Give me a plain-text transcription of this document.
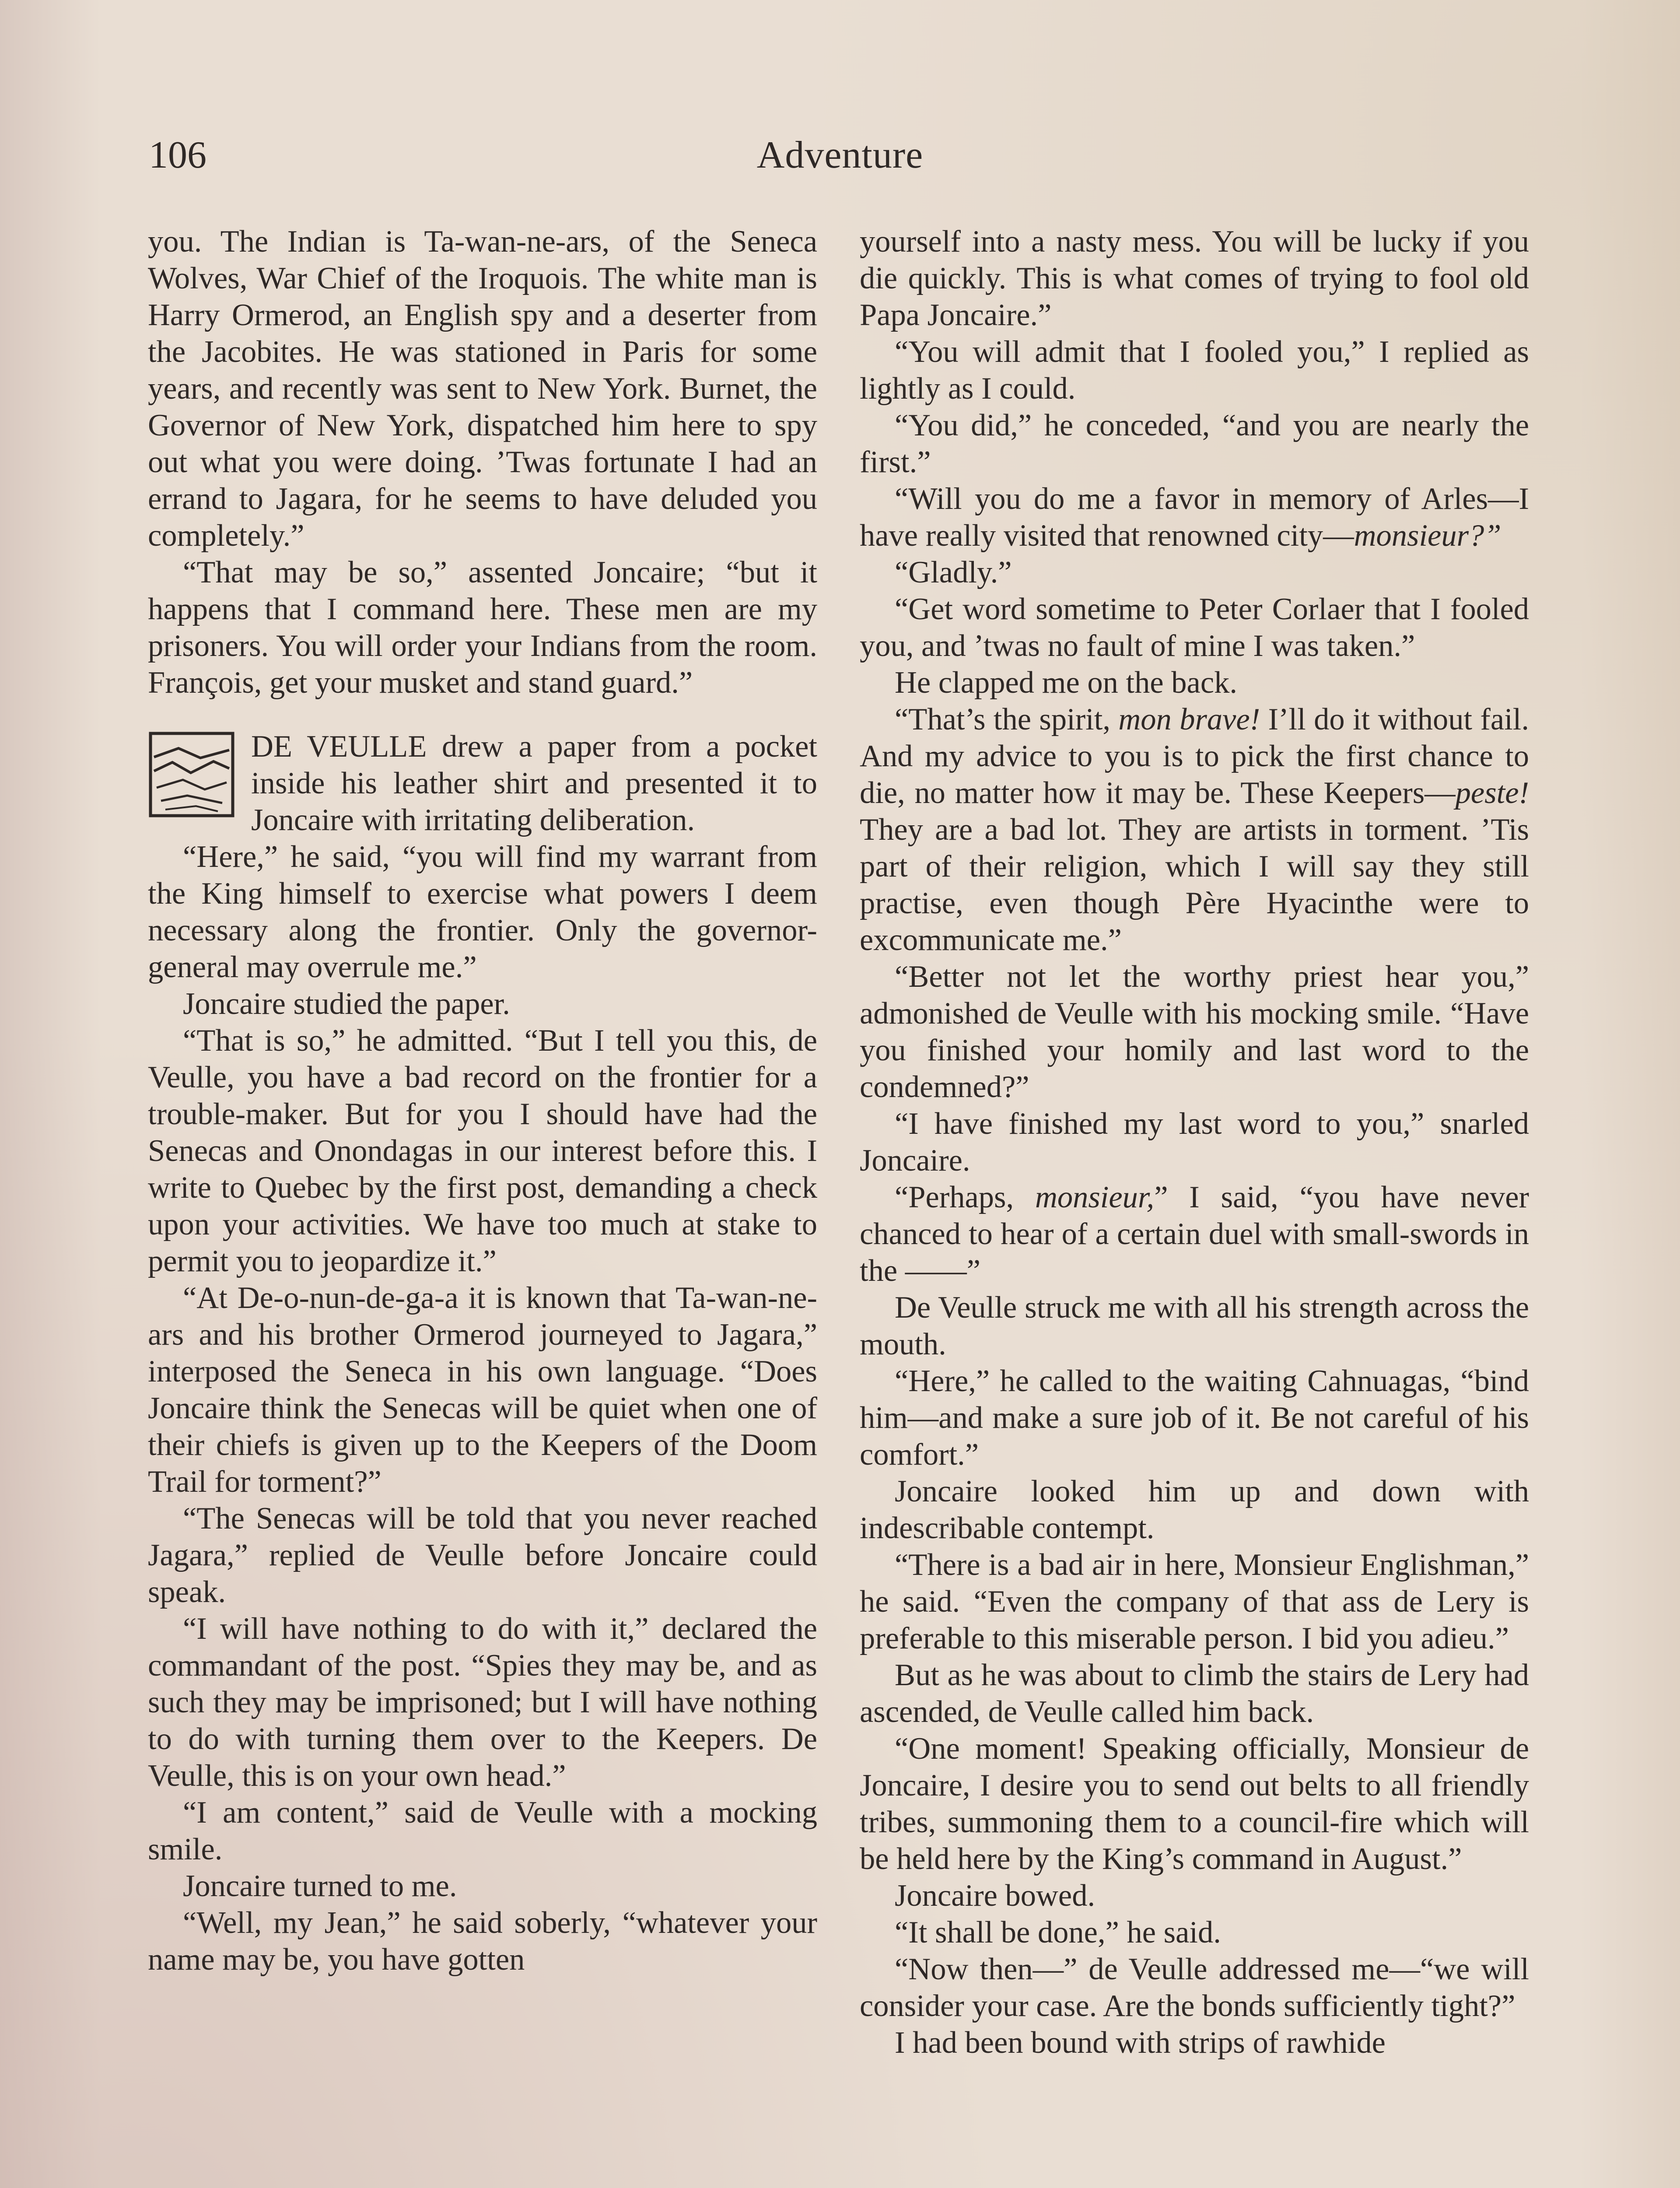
106	Adventure

you. The Indian is Ta-wan-ne-ars, of the Seneca Wolves, War Chief of the Iroquois. The white man is Harry Ormerod, an English spy and a deserter from the Jacobites. He was stationed in Paris for some years, and recently was sent to New York. Burnet, the Governor of New York, dispatched him here to spy out what you were doing. ’Twas fortunate I had an errand to Jagara, for he seems to have deluded you completely.”

“That may be so,” assented Joncaire; “but it happens that I command here. These men are my prisoners. You will order your Indians from the room. François, get your musket and stand guard.”

DE VEULLE drew a paper from a pocket inside his leather shirt and presented it to Joncaire with irritating deliberation.

“Here,” he said, “you will find my warrant from the King himself to exercise what powers I deem necessary along the frontier. Only the governor-general may overrule me.”

Joncaire studied the paper.

“That is so,” he admitted. “But I tell you this, de Veulle, you have a bad record on the frontier for a trouble-maker. But for you I should have had the Senecas and Onondagas in our interest before this. I write to Quebec by the first post, demanding a check upon your activities. We have too much at stake to permit you to jeopardize it.”

“At De-o-nun-de-ga-a it is known that Ta-wan-ne-ars and his brother Ormerod journeyed to Jagara,” interposed the Seneca in his own language. “Does Joncaire think the Senecas will be quiet when one of their chiefs is given up to the Keepers of the Doom Trail for torment?”

“The Senecas will be told that you never reached Jagara,” replied de Veulle before Joncaire could speak.

“I will have nothing to do with it,” declared the commandant of the post. “Spies they may be, and as such they may be imprisoned; but I will have nothing to do with turning them over to the Keepers. De Veulle, this is on your own head.”

“I am content,” said de Veulle with a mocking smile.

Joncaire turned to me.

“Well, my Jean,” he said soberly, “whatever your name may be, you have gotten

yourself into a nasty mess. You will be lucky if you die quickly. This is what comes of trying to fool old Papa Joncaire.”

“You will admit that I fooled you,” I replied as lightly as I could.

“You did,” he conceded, “and you are nearly the first.”

“Will you do me a favor in memory of Arles—I have really visited that renowned city—monsieur?”

“Gladly.”

“Get word sometime to Peter Corlaer that I fooled you, and ’twas no fault of mine I was taken.”

He clapped me on the back.

“That’s the spirit, mon brave! I’ll do it without fail. And my advice to you is to pick the first chance to die, no matter how it may be. These Keepers—peste! They are a bad lot. They are artists in torment. ’Tis part of their religion, which I will say they still practise, even though Père Hyacinthe were to excommunicate me.”

“Better not let the worthy priest hear you,” admonished de Veulle with his mocking smile. “Have you finished your homily and last word to the condemned?”

“I have finished my last word to you,” snarled Joncaire.

“Perhaps, monsieur,” I said, “you have never chanced to hear of a certain duel with small-swords in the ——”

De Veulle struck me with all his strength across the mouth.

“Here,” he called to the waiting Cahnuagas, “bind him—and make a sure job of it. Be not careful of his comfort.”

Joncaire looked him up and down with indescribable contempt.

“There is a bad air in here, Monsieur Englishman,” he said. “Even the company of that ass de Lery is preferable to this miserable person. I bid you adieu.”

But as he was about to climb the stairs de Lery had ascended, de Veulle called him back.

“One moment! Speaking officially, Monsieur de Joncaire, I desire you to send out belts to all friendly tribes, summoning them to a council-fire which will be held here by the King’s command in August.”

Joncaire bowed.

“It shall be done,” he said.

“Now then—” de Veulle addressed me—“we will consider your case. Are the bonds sufficiently tight?”

I had been bound with strips of rawhide
